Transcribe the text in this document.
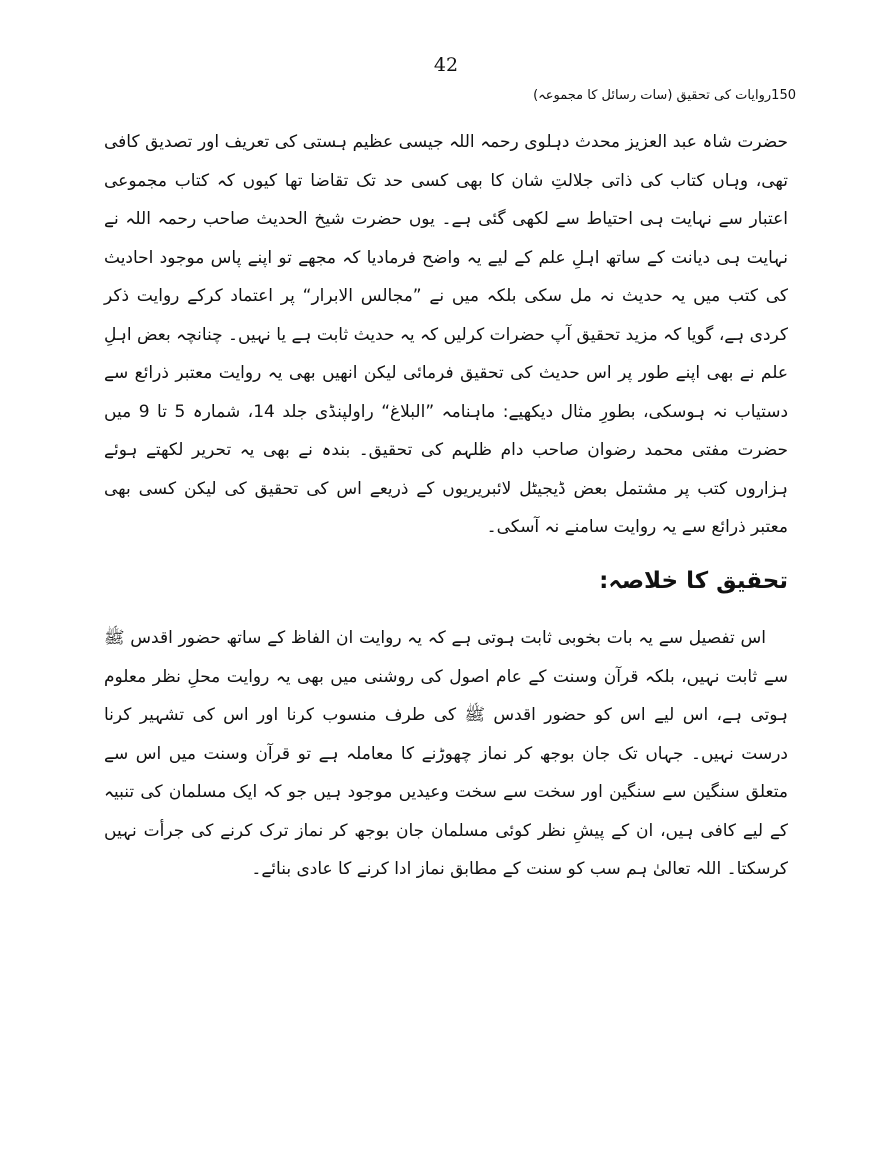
42
150روایات کی تحقیق (سات رسائل کا مجموعہ)

حضرت شاہ عبد العزیز محدث دہلوی رحمہ اللہ جیسی عظیم ہستی کی تعریف اور تصدیق کافی تھی، وہاں کتاب کی ذاتی جلالتِ شان کا بھی کسی حد تک تقاضا تھا کیوں کہ کتاب مجموعی اعتبار سے نہایت ہی احتیاط سے لکھی گئی ہے۔ یوں حضرت شیخ الحدیث صاحب رحمہ اللہ نے نہایت ہی دیانت کے ساتھ اہلِ علم کے لیے یہ واضح فرمادیا کہ مجھے تو اپنے پاس موجود احادیث کی کتب میں یہ حدیث نہ مل سکی بلکہ میں نے ”مجالس الابرار“ پر اعتماد کرکے روایت ذکر کردی ہے، گویا کہ مزید تحقیق آپ حضرات کرلیں کہ یہ حدیث ثابت ہے یا نہیں۔ چنانچہ بعض اہلِ علم نے بھی اپنے طور پر اس حدیث کی تحقیق فرمائی لیکن انھیں بھی یہ روایت معتبر ذرائع سے دستیاب نہ ہوسکی، بطورِ مثال دیکھیے: ماہنامہ ”البلاغ“ راولپنڈی جلد 14، شمارہ 5 تا 9 میں حضرت مفتی محمد رضوان صاحب دام ظلہم کی تحقیق۔ بندہ نے بھی یہ تحریر لکھتے ہوئے ہزاروں کتب پر مشتمل بعض ڈیجیٹل لائبریریوں کے ذریعے اس کی تحقیق کی لیکن کسی بھی معتبر ذرائع سے یہ روایت سامنے نہ آسکی۔

تحقیق کا خلاصہ:

اس تفصیل سے یہ بات بخوبی ثابت ہوتی ہے کہ یہ روایت ان الفاظ کے ساتھ حضور اقدس ﷺ سے ثابت نہیں، بلکہ قرآن وسنت کے عام اصول کی روشنی میں بھی یہ روایت محلِ نظر معلوم ہوتی ہے، اس لیے اس کو حضور اقدس ﷺ کی طرف منسوب کرنا اور اس کی تشہیر کرنا درست نہیں۔ جہاں تک جان بوجھ کر نماز چھوڑنے کا معاملہ ہے تو قرآن وسنت میں اس سے متعلق سنگین سے سنگین اور سخت سے سخت وعیدیں موجود ہیں جو کہ ایک مسلمان کی تنبیہ کے لیے کافی ہیں، ان کے پیشِ نظر کوئی مسلمان جان بوجھ کر نماز ترک کرنے کی جرأت نہیں کرسکتا۔ اللہ تعالیٰ ہم سب کو سنت کے مطابق نماز ادا کرنے کا عادی بنائے۔
